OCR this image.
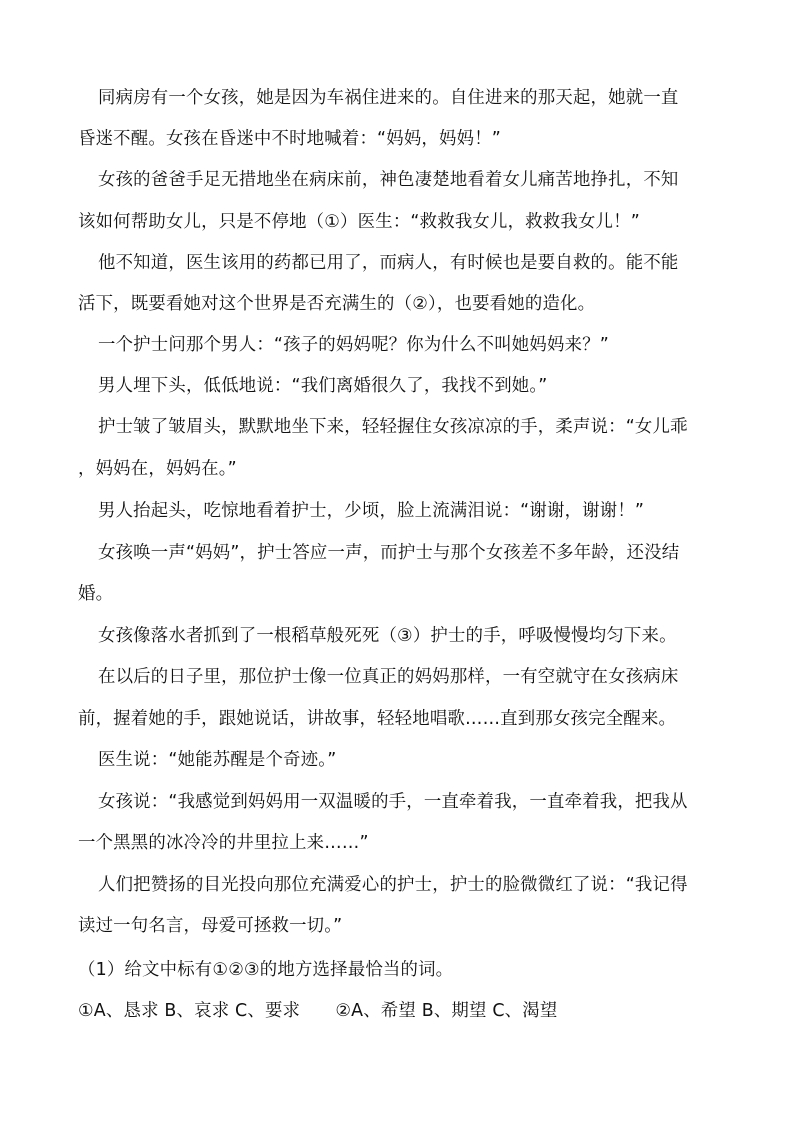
同病房有一个女孩，她是因为车祸住进来的。自住进来的那天起，她就一直
昏迷不醒。女孩在昏迷中不时地喊着：“妈妈，妈妈！”
女孩的爸爸手足无措地坐在病床前，神色凄楚地看着女儿痛苦地挣扎，不知
该如何帮助女儿，只是不停地（①）医生：“救救我女儿，救救我女儿！”
他不知道，医生该用的药都已用了，而病人，有时候也是要自救的。能不能
活下，既要看她对这个世界是否充满生的（②），也要看她的造化。
一个护士问那个男人：“孩子的妈妈呢？你为什么不叫她妈妈来？”
男人埋下头，低低地说：“我们离婚很久了，我找不到她。”
护士皱了皱眉头，默默地坐下来，轻轻握住女孩凉凉的手，柔声说：“女儿乖
，妈妈在，妈妈在。”
男人抬起头，吃惊地看着护士，少顷，脸上流满泪说：“谢谢，谢谢！”
女孩唤一声“妈妈”，护士答应一声，而护士与那个女孩差不多年龄，还没结
婚。
女孩像落水者抓到了一根稻草般死死（③）护士的手，呼吸慢慢均匀下来。
在以后的日子里，那位护士像一位真正的妈妈那样，一有空就守在女孩病床
前，握着她的手，跟她说话，讲故事，轻轻地唱歌……直到那女孩完全醒来。
医生说：“她能苏醒是个奇迹。”
女孩说：“我感觉到妈妈用一双温暖的手，一直牵着我，一直牵着我，把我从
一个黑黑的冰冷冷的井里拉上来……”
人们把赞扬的目光投向那位充满爱心的护士，护士的脸微微红了说：“我记得
读过一句名言，母爱可拯救一切。”
（1）给文中标有①②③的地方选择最恰当的词。
①A、恳求 B、哀求 C、要求　　②A、希望 B、期望 C、渴望
